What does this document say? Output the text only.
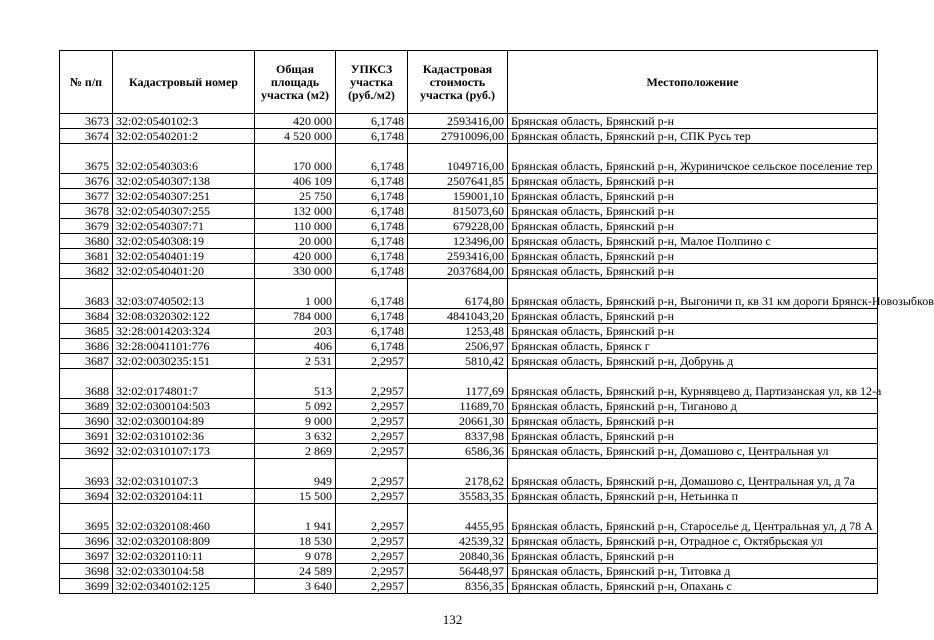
№ п/п	Кадастровый номер	Общая площадь участка (м2)	УПКСЗ участка (руб./м2)	Кадастровая стоимость участка (руб.)	Местоположение
3673	32:02:0540102:3	420 000	6,1748	2593416,00	Брянская область, Брянский р-н
3674	32:02:0540201:2	4 520 000	6,1748	27910096,00	Брянская область, Брянский р-н, СПК Русь тер
3675	32:02:0540303:6	170 000	6,1748	1049716,00	Брянская область, Брянский р-н, Журиничское сельское поселение тер
3676	32:02:0540307:138	406 109	6,1748	2507641,85	Брянская область, Брянский р-н
3677	32:02:0540307:251	25 750	6,1748	159001,10	Брянская область, Брянский р-н
3678	32:02:0540307:255	132 000	6,1748	815073,60	Брянская область, Брянский р-н
3679	32:02:0540307:71	110 000	6,1748	679228,00	Брянская область, Брянский р-н
3680	32:02:0540308:19	20 000	6,1748	123496,00	Брянская область, Брянский р-н, Малое Полпино с
3681	32:02:0540401:19	420 000	6,1748	2593416,00	Брянская область, Брянский р-н
3682	32:02:0540401:20	330 000	6,1748	2037684,00	Брянская область, Брянский р-н
3683	32:03:0740502:13	1 000	6,1748	6174,80	Брянская область, Брянский р-н, Выгоничи п, кв 31 км дороги Брянск-Новозыбков
3684	32:08:0320302:122	784 000	6,1748	4841043,20	Брянская область, Брянский р-н
3685	32:28:0014203:324	203	6,1748	1253,48	Брянская область, Брянский р-н
3686	32:28:0041101:776	406	6,1748	2506,97	Брянская область, Брянск г
3687	32:02:0030235:151	2 531	2,2957	5810,42	Брянская область, Брянский р-н, Добрунь д
3688	32:02:0174801:7	513	2,2957	1177,69	Брянская область, Брянский р-н, Курнявцево д, Партизанская ул, кв 12-а
3689	32:02:0300104:503	5 092	2,2957	11689,70	Брянская область, Брянский р-н, Тиганово д
3690	32:02:0300104:89	9 000	2,2957	20661,30	Брянская область, Брянский р-н
3691	32:02:0310102:36	3 632	2,2957	8337,98	Брянская область, Брянский р-н
3692	32:02:0310107:173	2 869	2,2957	6586,36	Брянская область, Брянский р-н, Домашово с, Центральная ул
3693	32:02:0310107:3	949	2,2957	2178,62	Брянская область, Брянский р-н, Домашово с, Центральная ул, д 7а
3694	32:02:0320104:11	15 500	2,2957	35583,35	Брянская область, Брянский р-н, Нетьинка п
3695	32:02:0320108:460	1 941	2,2957	4455,95	Брянская область, Брянский р-н, Староселье д, Центральная ул, д 78 А
3696	32:02:0320108:809	18 530	2,2957	42539,32	Брянская область, Брянский р-н, Отрадное с, Октябрьская ул
3697	32:02:0320110:11	9 078	2,2957	20840,36	Брянская область, Брянский р-н
3698	32:02:0330104:58	24 589	2,2957	56448,97	Брянская область, Брянский р-н, Титовка д
3699	32:02:0340102:125	3 640	2,2957	8356,35	Брянская область, Брянский р-н, Опахань с
132
